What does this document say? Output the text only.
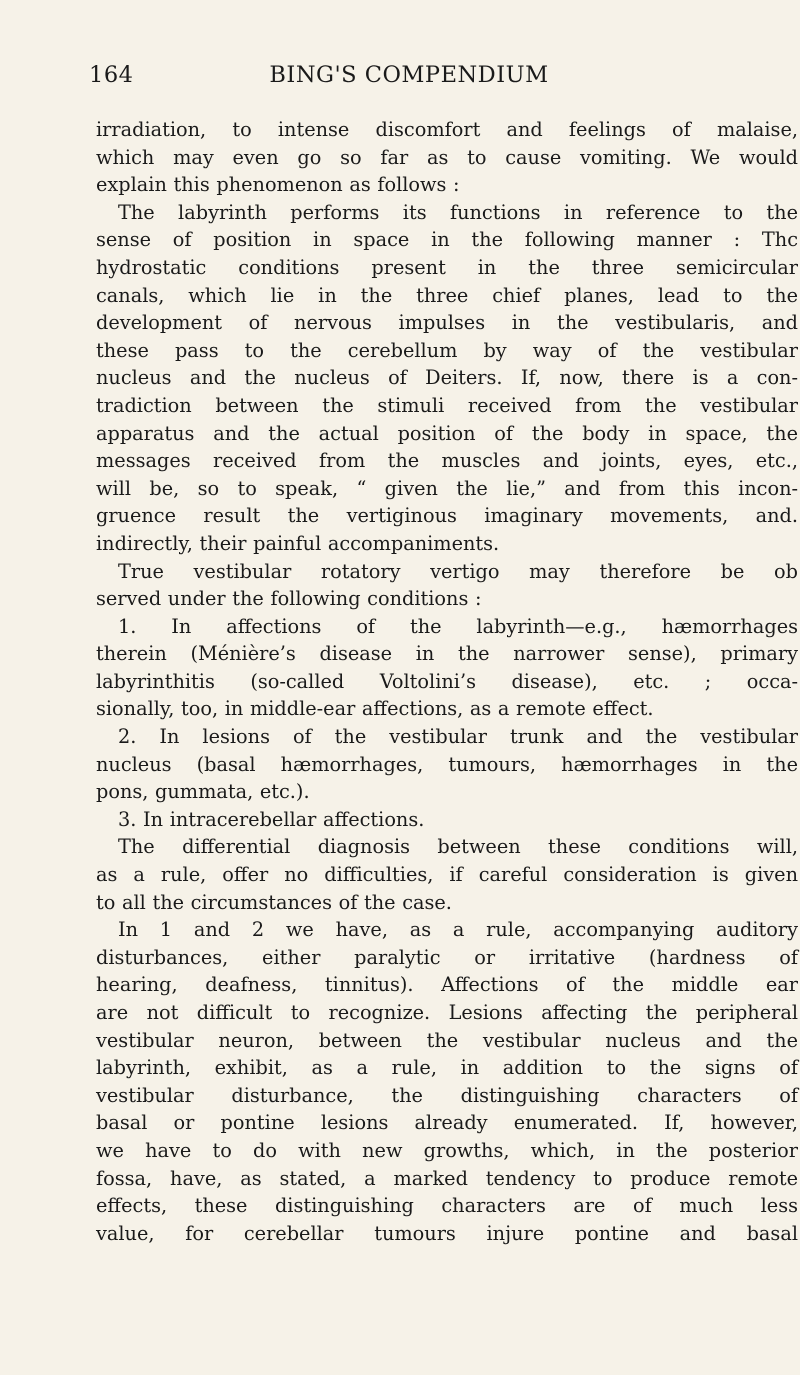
164	BING'S COMPENDIUM
irradiation, to intense discomfort and feelings of malaise,
which may even go so far as to cause vomiting. We would
explain this phenomenon as follows :
The labyrinth performs its functions in reference to the
sense of position in space in the following manner : Thc
hydrostatic conditions present in the three semicircular
canals, which lie in the three chief planes, lead to the
development of nervous impulses in the vestibularis, and
these pass to the cerebellum by way of the vestibular
nucleus and the nucleus of Deiters. If, now, there is a con-
tradiction between the stimuli received from the vestibular
apparatus and the actual position of the body in space, the
messages received from the muscles and joints, eyes, etc.,
will be, so to speak, “ given the lie,” and from this incon-
gruence result the vertiginous imaginary movements, and.
indirectly, their painful accompaniments.
True vestibular rotatory vertigo may therefore be ob
served under the following conditions :
1. In affections of the labyrinth—e.g., hæmorrhages
therein (Ménière’s disease in the narrower sense), primary
labyrinthitis (so-called Voltolini’s disease), etc. ; occa-
sionally, too, in middle-ear affections, as a remote effect.
2. In lesions of the vestibular trunk and the vestibular
nucleus (basal hæmorrhages, tumours, hæmorrhages in the
pons, gummata, etc.).
3. In intracerebellar affections.
The differential diagnosis between these conditions will,
as a rule, offer no difficulties, if careful consideration is given
to all the circumstances of the case.
In 1 and 2 we have, as a rule, accompanying auditory
disturbances, either paralytic or irritative (hardness of
hearing, deafness, tinnitus). Affections of the middle ear
are not difficult to recognize. Lesions affecting the peripheral
vestibular neuron, between the vestibular nucleus and the
labyrinth, exhibit, as a rule, in addition to the signs of
vestibular disturbance, the distinguishing characters of
basal or pontine lesions already enumerated. If, however,
we have to do with new growths, which, in the posterior
fossa, have, as stated, a marked tendency to produce remote
effects, these distinguishing characters are of much less
value, for cerebellar tumours injure pontine and basal
